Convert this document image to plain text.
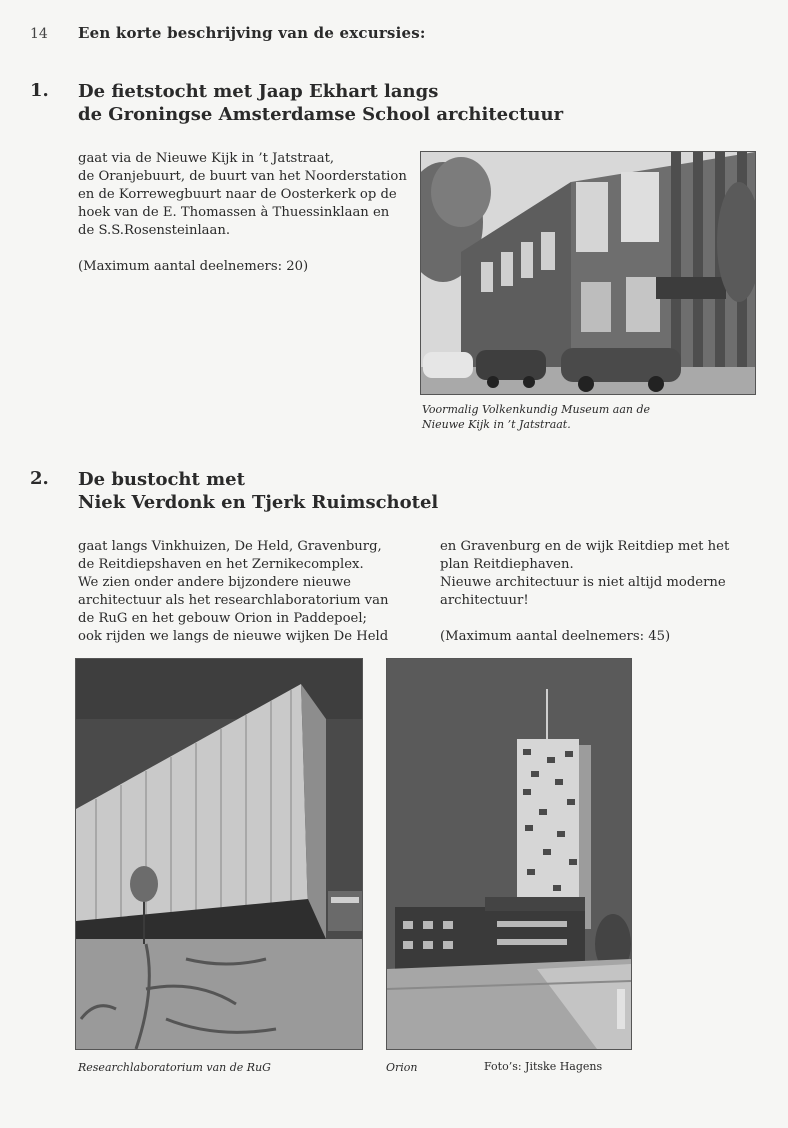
14 Een korte beschrijving van de excursies:
1. De fietstocht met Jaap Ekhart langs
de Groningse Amsterdamse School architectuur

gaat via de Nieuwe Kijk in ’t Jatstraat,

de Oranjebuurt, de buurt van het Noorderstation

en de Korrewegbuurt naar de Oosterkerk op de

hoek van de E. Thomassen à Thuessinklaan en

de S.S.Rosensteinlaan.

(Maximum aantal deelnemers: 20)

Voormalig Volkenkundig Museum aan de
Nieuwe Kijk in ’t Jatstraat.
2. De bustocht met
Niek Verdonk en Tjerk Ruimschotel

gaat langs Vinkhuizen, De Held, Gravenburg,

de Reitdiepshaven en het Zernikecomplex.

We zien onder andere bijzondere nieuwe

architectuur als het researchlaboratorium van

de RuG en het gebouw Orion in Paddepoel;

ook rijden we langs de nieuwe wijken De Held

en Gravenburg en de wijk Reitdiep met het

plan Reitdiephaven.

Nieuwe architectuur is niet altijd moderne

architectuur!

(Maximum aantal deelnemers: 45)

Researchlaboratorium van de RuG	Orion	Foto’s: Jitske Hagens
